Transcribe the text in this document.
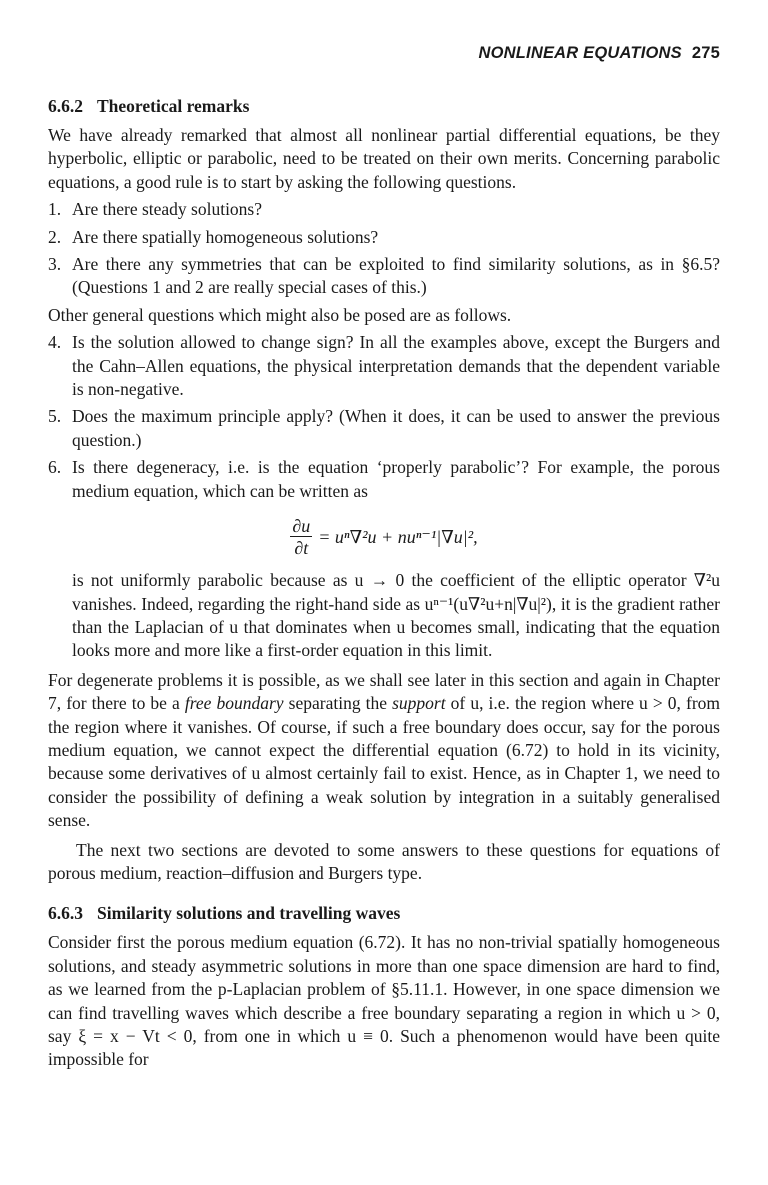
NONLINEAR EQUATIONS 275
6.6.2 Theoretical remarks

We have already remarked that almost all nonlinear partial differential equations, be they hyperbolic, elliptic or parabolic, need to be treated on their own merits. Concerning parabolic equations, a good rule is to start by asking the following questions.

1. Are there steady solutions?
2. Are there spatially homogeneous solutions?
3. Are there any symmetries that can be exploited to find similarity solutions, as in §6.5? (Questions 1 and 2 are really special cases of this.)

Other general questions which might also be posed are as follows.

4. Is the solution allowed to change sign? In all the examples above, except the Burgers and the Cahn–Allen equations, the physical interpretation demands that the dependent variable is non-negative.
5. Does the maximum principle apply? (When it does, it can be used to answer the previous question.)
6. Is there degeneracy, i.e. is the equation ‘properly parabolic’? For example, the porous medium equation, which can be written as
$\frac{\partial u}{\partial t} = u^n\nabla^2u + nu^{n-1}|\nabla u|^2$,
is not uniformly parabolic because as u → 0 the coefficient of the elliptic operator ∇²u vanishes. Indeed, regarding the right-hand side as uⁿ⁻¹(u∇²u+n|∇u|²), it is the gradient rather than the Laplacian of u that dominates when u becomes small, indicating that the equation looks more and more like a first-order equation in this limit.

For degenerate problems it is possible, as we shall see later in this section and again in Chapter 7, for there to be a free boundary separating the support of u, i.e. the region where u > 0, from the region where it vanishes. Of course, if such a free boundary does occur, say for the porous medium equation, we cannot expect the differential equation (6.72) to hold in its vicinity, because some derivatives of u almost certainly fail to exist. Hence, as in Chapter 1, we need to consider the possibility of defining a weak solution by integration in a suitably generalised sense.

The next two sections are devoted to some answers to these questions for equations of porous medium, reaction–diffusion and Burgers type.

6.6.3 Similarity solutions and travelling waves

Consider first the porous medium equation (6.72). It has no non-trivial spatially homogeneous solutions, and steady asymmetric solutions in more than one space dimension are hard to find, as we learned from the p-Laplacian problem of §5.11.1. However, in one space dimension we can find travelling waves which describe a free boundary separating a region in which u > 0, say ξ = x − Vt < 0, from one in which u ≡ 0. Such a phenomenon would have been quite impossible for
